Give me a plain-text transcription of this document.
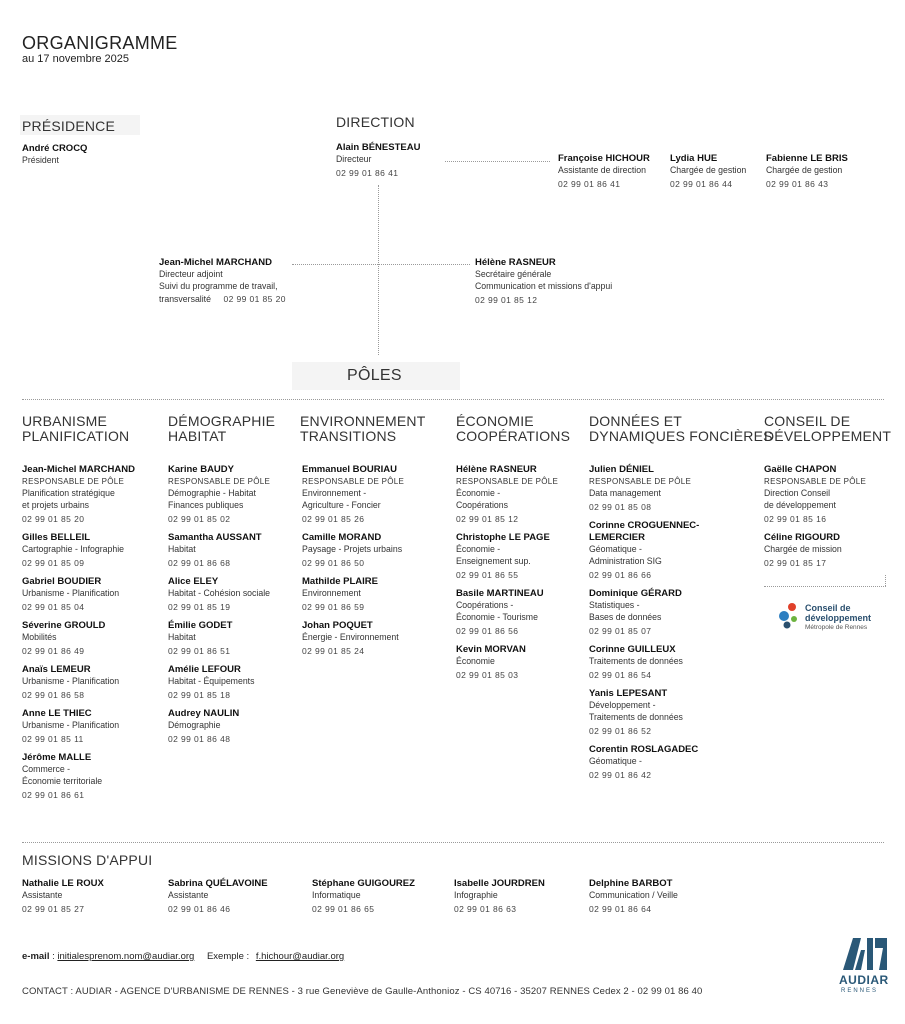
ORGANIGRAMME
au 17 novembre 2025
PRÉSIDENCE
André CROCQ
Président
DIRECTION
Alain BÉNESTEAU
Directeur
02 99 01 86 41
Françoise HICHOUR
Assistante de direction
02 99 01 86 41
Lydia HUE
Chargée de gestion
02 99 01 86 44
Fabienne LE BRIS
Chargée de gestion
02 99 01 86 43
Jean-Michel MARCHAND
Directeur adjoint
Suivi du programme de travail,
transversalité 02 99 01 85 20
Hélène RASNEUR
Secrétaire générale
Communication et missions d'appui
02 99 01 85 12
PÔLES
URBANISME
PLANIFICATION
DÉMOGRAPHIE
HABITAT
ENVIRONNEMENT
TRANSITIONS
ÉCONOMIE
COOPÉRATIONS
DONNÉES ET
DYNAMIQUES FONCIÈRES
CONSEIL DE
DÉVELOPPEMENT
Jean-Michel MARCHAND
RESPONSABLE DE PÔLE
Planification stratégique
et projets urbains
02 99 01 85 20
Gilles BELLEIL
Cartographie - Infographie
02 99 01 85 09
Gabriel BOUDIER
Urbanisme - Planification
02 99 01 85 04
Séverine GROULD
Mobilités
02 99 01 86 49
Anaïs LEMEUR
Urbanisme - Planification
02 99 01 86 58
Anne LE THIEC
Urbanisme - Planification
02 99 01 85 11
Jérôme MALLE
Commerce -
Économie territoriale
02 99 01 86 61
Karine BAUDY
RESPONSABLE DE PÔLE
Démographie - Habitat
Finances publiques
02 99 01 85 02
Samantha AUSSANT
Habitat
02 99 01 86 68
Alice ELEY
Habitat - Cohésion sociale
02 99 01 85 19
Émilie GODET
Habitat
02 99 01 86 51
Amélie LEFOUR
Habitat - Équipements
02 99 01 85 18
Audrey NAULIN
Démographie
02 99 01 86 48
Emmanuel BOURIAU
RESPONSABLE DE PÔLE
Environnement -
Agriculture - Foncier
02 99 01 85 26
Camille MORAND
Paysage - Projets urbains
02 99 01 86 50
Mathilde PLAIRE
Environnement
02 99 01 86 59
Johan POQUET
Énergie - Environnement
02 99 01 85 24
Hélène RASNEUR
RESPONSABLE DE PÔLE
Économie -
Coopérations
02 99 01 85 12
Christophe LE PAGE
Économie -
Enseignement sup.
02 99 01 86 55
Basile MARTINEAU
Coopérations -
Économie - Tourisme
02 99 01 86 56
Kevin MORVAN
Économie
02 99 01 85 03
Julien DÉNIEL
RESPONSABLE DE PÔLE
Data management
02 99 01 85 08
Corinne CROGUENNEC-
LEMERCIER
Géomatique -
Administration SIG
02 99 01 86 66
Dominique GÉRARD
Statistiques -
Bases de données
02 99 01 85 07
Corinne GUILLEUX
Traitements de données
02 99 01 86 54
Yanis LEPESANT
Développement -
Traitements de données
02 99 01 86 52
Corentin ROSLAGADEC
Géomatique -
02 99 01 86 42
Gaëlle CHAPON
RESPONSABLE DE PÔLE
Direction Conseil
de développement
02 99 01 85 16
Céline RIGOURD
Chargée de mission
02 99 01 85 17
Conseil de
développement
Métropole de Rennes
MISSIONS D'APPUI
Nathalie LE ROUX
Assistante
02 99 01 85 27
Sabrina QUÉLAVOINE
Assistante
02 99 01 86 46
Stéphane GUIGOUREZ
Informatique
02 99 01 86 65
Isabelle JOURDREN
Infographie
02 99 01 86 63
Delphine BARBOT
Communication / Veille
02 99 01 86 64
e-mail : initialesprenom.nom@audiar.org Exemple : f.hichour@audiar.org
CONTACT : AUDIAR - AGENCE D'URBANISME DE RENNES - 3 rue Geneviève de Gaulle-Anthonioz - CS 40716 - 35207 RENNES Cedex 2 - 02 99 01 86 40
AUDIAR
RENNES
